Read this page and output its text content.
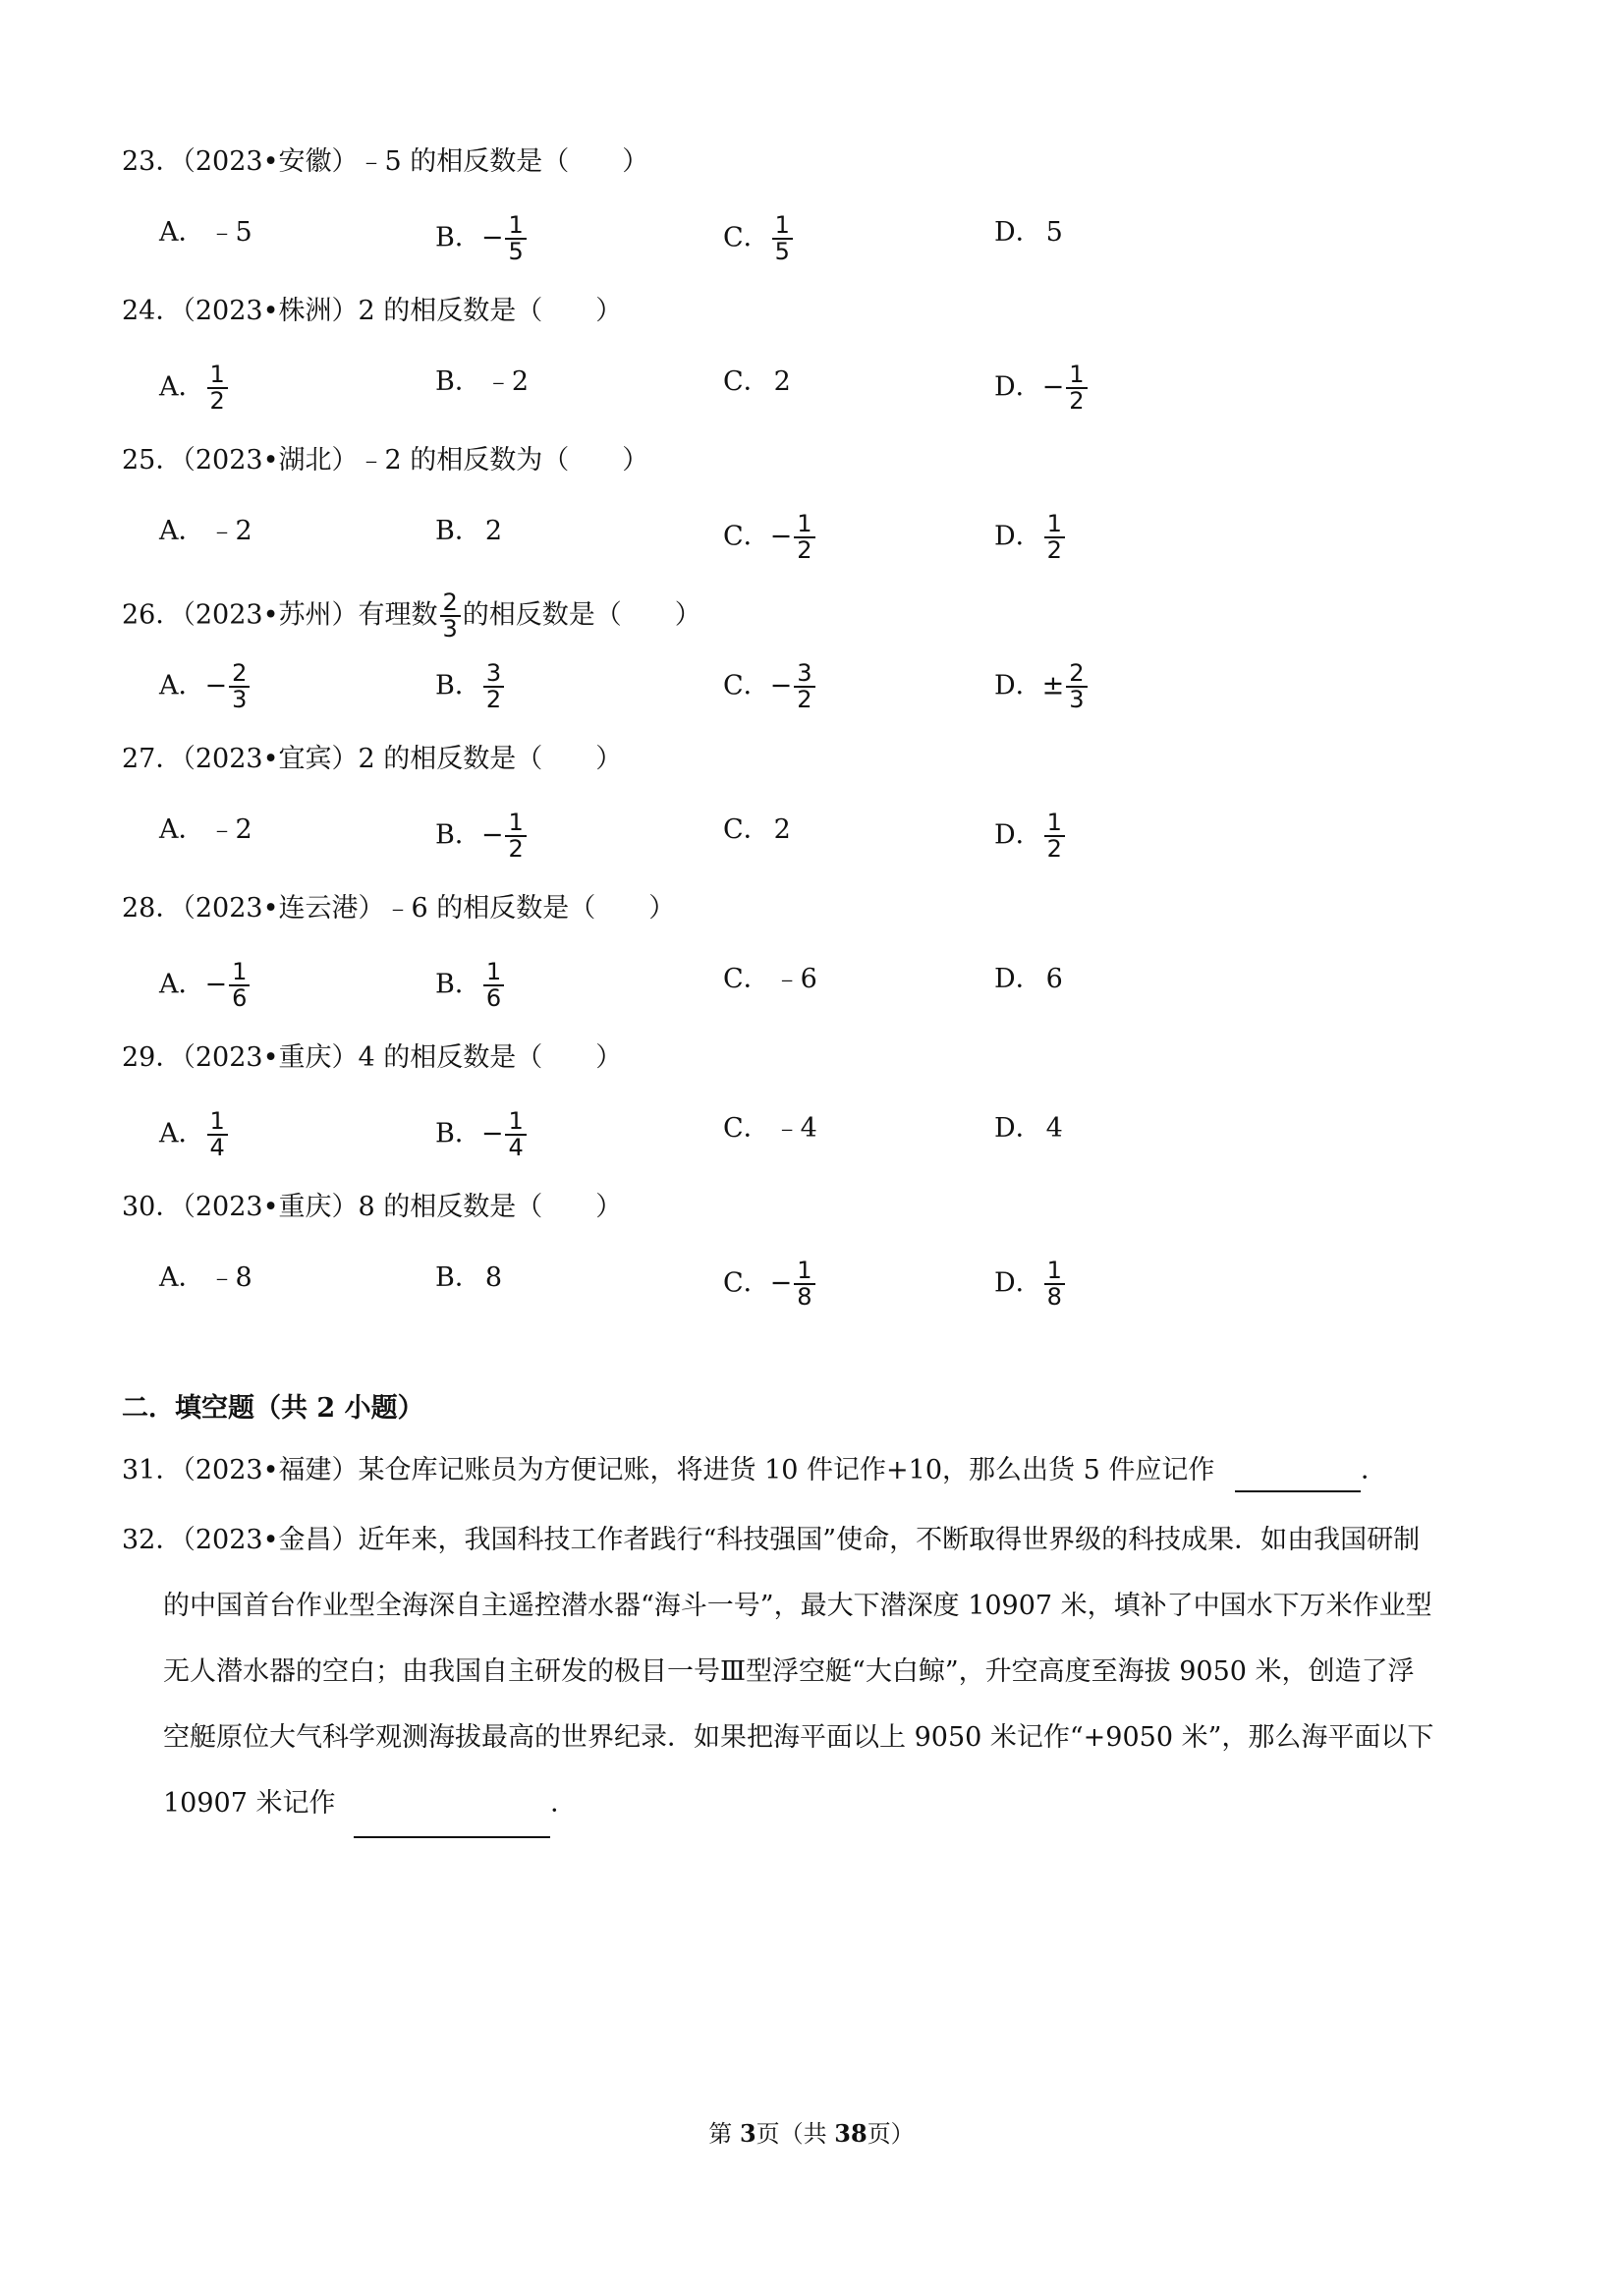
23．（2023•安徽）﹣5 的相反数是（　　）
A． ﹣5	B．− $\frac{1}{5}$	C． $\frac{1}{5}$	D． 5
24．（2023•株洲）2 的相反数是（　　）
A． $\frac{1}{2}$	B． ﹣2	C． 2	D．− $\frac{1}{2}$
25．（2023•湖北）﹣2 的相反数为（　　）
A． ﹣2	B． 2	C．− $\frac{1}{2}$	D． $\frac{1}{2}$
26．（2023•苏州）有理数 $\frac{2}{3}$ 的相反数是（　　）
A．− $\frac{2}{3}$	B． $\frac{3}{2}$	C．− $\frac{3}{2}$	D．± $\frac{2}{3}$
27．（2023•宜宾）2 的相反数是（　　）
A． ﹣2	B．− $\frac{1}{2}$	C． 2	D． $\frac{1}{2}$
28．（2023•连云港）﹣6 的相反数是（　　）
A．− $\frac{1}{6}$	B． $\frac{1}{6}$	C． ﹣6	D． 6
29．（2023•重庆）4 的相反数是（　　）
A． $\frac{1}{4}$	B．− $\frac{1}{4}$	C． ﹣4	D． 4
30．（2023•重庆）8 的相反数是（　　）
A． ﹣8	B． 8	C．− $\frac{1}{8}$	D． $\frac{1}{8}$
二．填空题（共 2 小题）
31．（2023•福建）某仓库记账员为方便记账，将进货 10 件记作+10，那么出货 5 件应记作	．
32．（2023•金昌）近年来，我国科技工作者践行“科技强国”使命，不断取得世界级的科技成果．如由我国研制
的中国首台作业型全海深自主遥控潜水器“海斗一号”，最大下潜深度 10907 米，填补了中国水下万米作业型
无人潜水器的空白；由我国自主研发的极目一号Ⅲ型浮空艇“大白鲸”，升空高度至海拔 9050 米，创造了浮
空艇原位大气科学观测海拔最高的世界纪录．如果把海平面以上 9050 米记作“+9050 米”，那么海平面以下
10907 米记作	．
第 3页（共 38页）
